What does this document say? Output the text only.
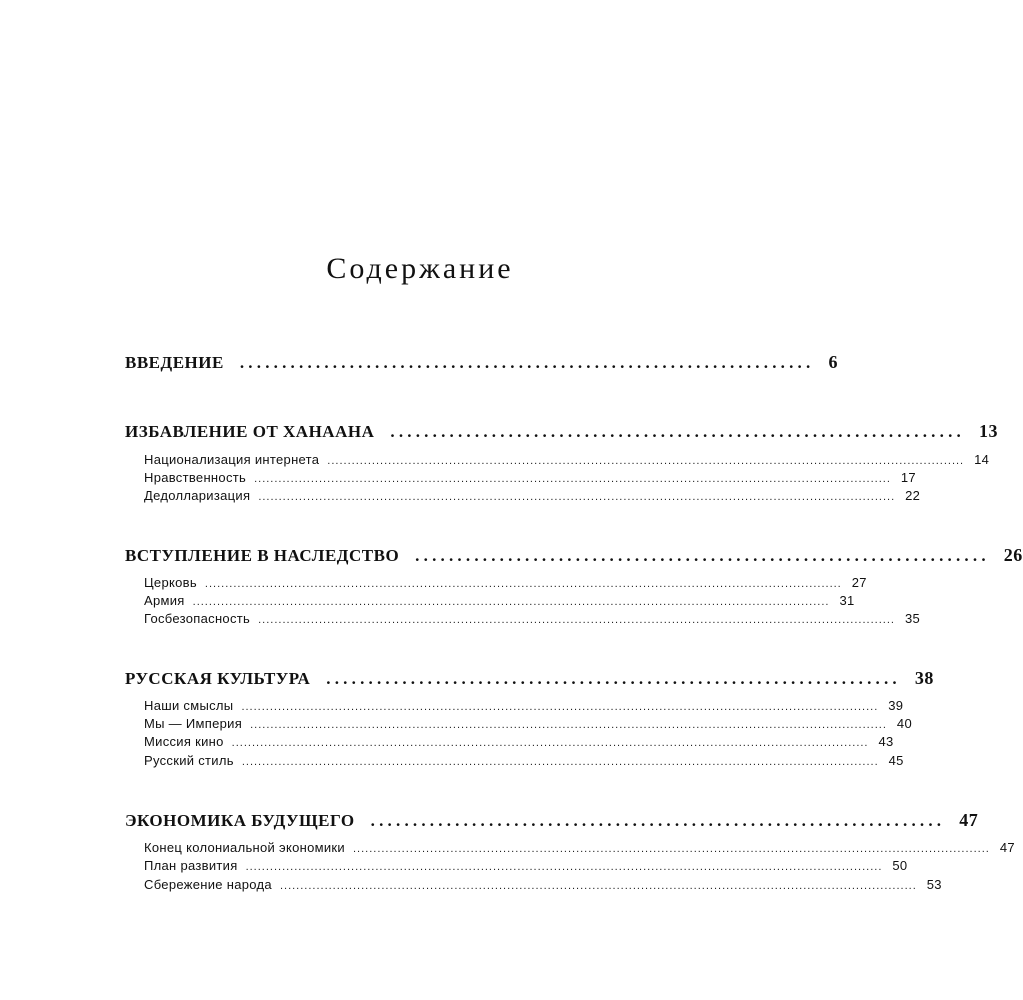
Содержание
ВВЕДЕНИЕ .................................................................... 6
ИЗБАВЛЕНИЕ ОТ ХАНААНА .................................................................... 13
Национализация интернета ............................................................................................................................................................. 14
Нравственность ............................................................................................................................................................. 17
Дедолларизация ............................................................................................................................................................. 22
ВСТУПЛЕНИЕ В НАСЛЕДСТВО .................................................................... 26
Церковь ............................................................................................................................................................. 27
Армия ............................................................................................................................................................. 31
Госбезопасность ............................................................................................................................................................. 35
РУССКАЯ КУЛЬТУРА .................................................................... 38
Наши смыслы ............................................................................................................................................................. 39
Мы — Империя ............................................................................................................................................................. 40
Миссия кино ............................................................................................................................................................. 43
Русский стиль ............................................................................................................................................................. 45
ЭКОНОМИКА БУДУЩЕГО .................................................................... 47
Конец колониальной экономики ............................................................................................................................................................. 47
План развития ............................................................................................................................................................. 50
Сбережение народа ............................................................................................................................................................. 53
